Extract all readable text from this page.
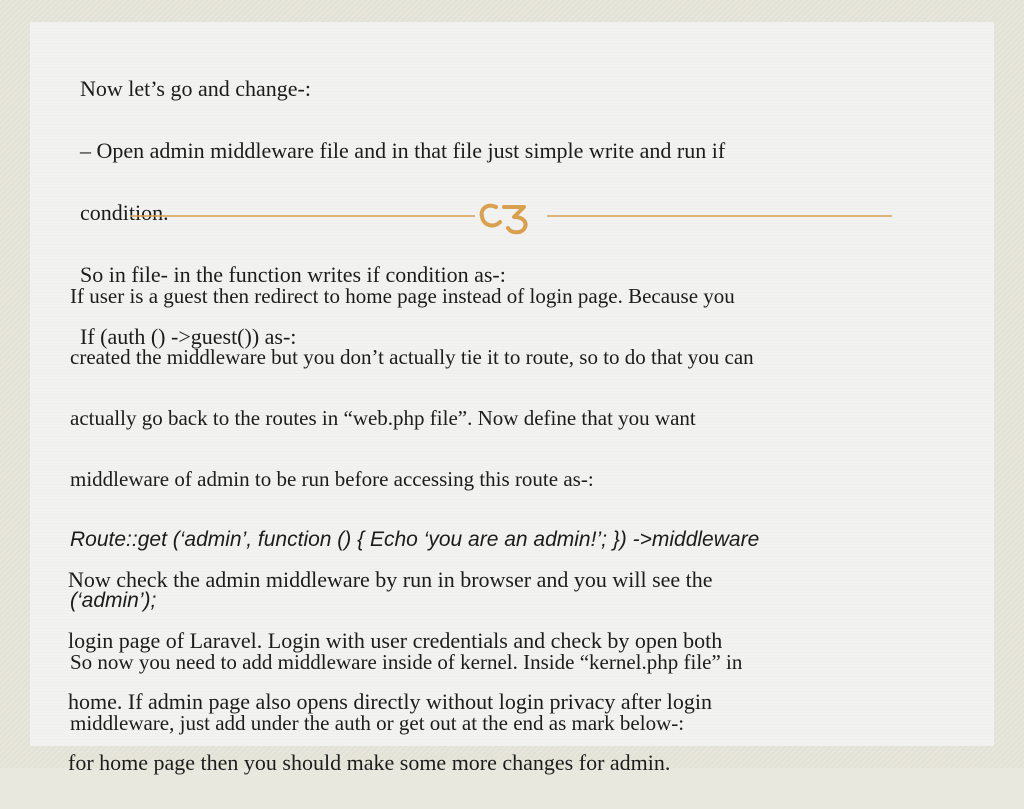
Now let’s go and change-:

– Open admin middleware file and in that file just simple write and run if

condition.

So in file- in the function writes if condition as-:

If (auth () ->guest()) as-:

If user is a guest then redirect to home page instead of login page. Because you

created the middleware but you don’t actually tie it to route, so to do that you can

actually go back to the routes in “web.php file”. Now define that you want

middleware of admin to be run before accessing this route as-:

Route::get (‘admin’, function () { Echo ‘you are an admin!’; }) ->middleware

(‘admin’);

So now you need to add middleware inside of kernel. Inside “kernel.php file” in

middleware, just add under the auth or get out at the end as mark below-:

Now check the admin middleware by run in browser and you will see the

login page of Laravel. Login with user credentials and check by open both

home. If admin page also opens directly without login privacy after login

for home page then you should make some more changes for admin.
